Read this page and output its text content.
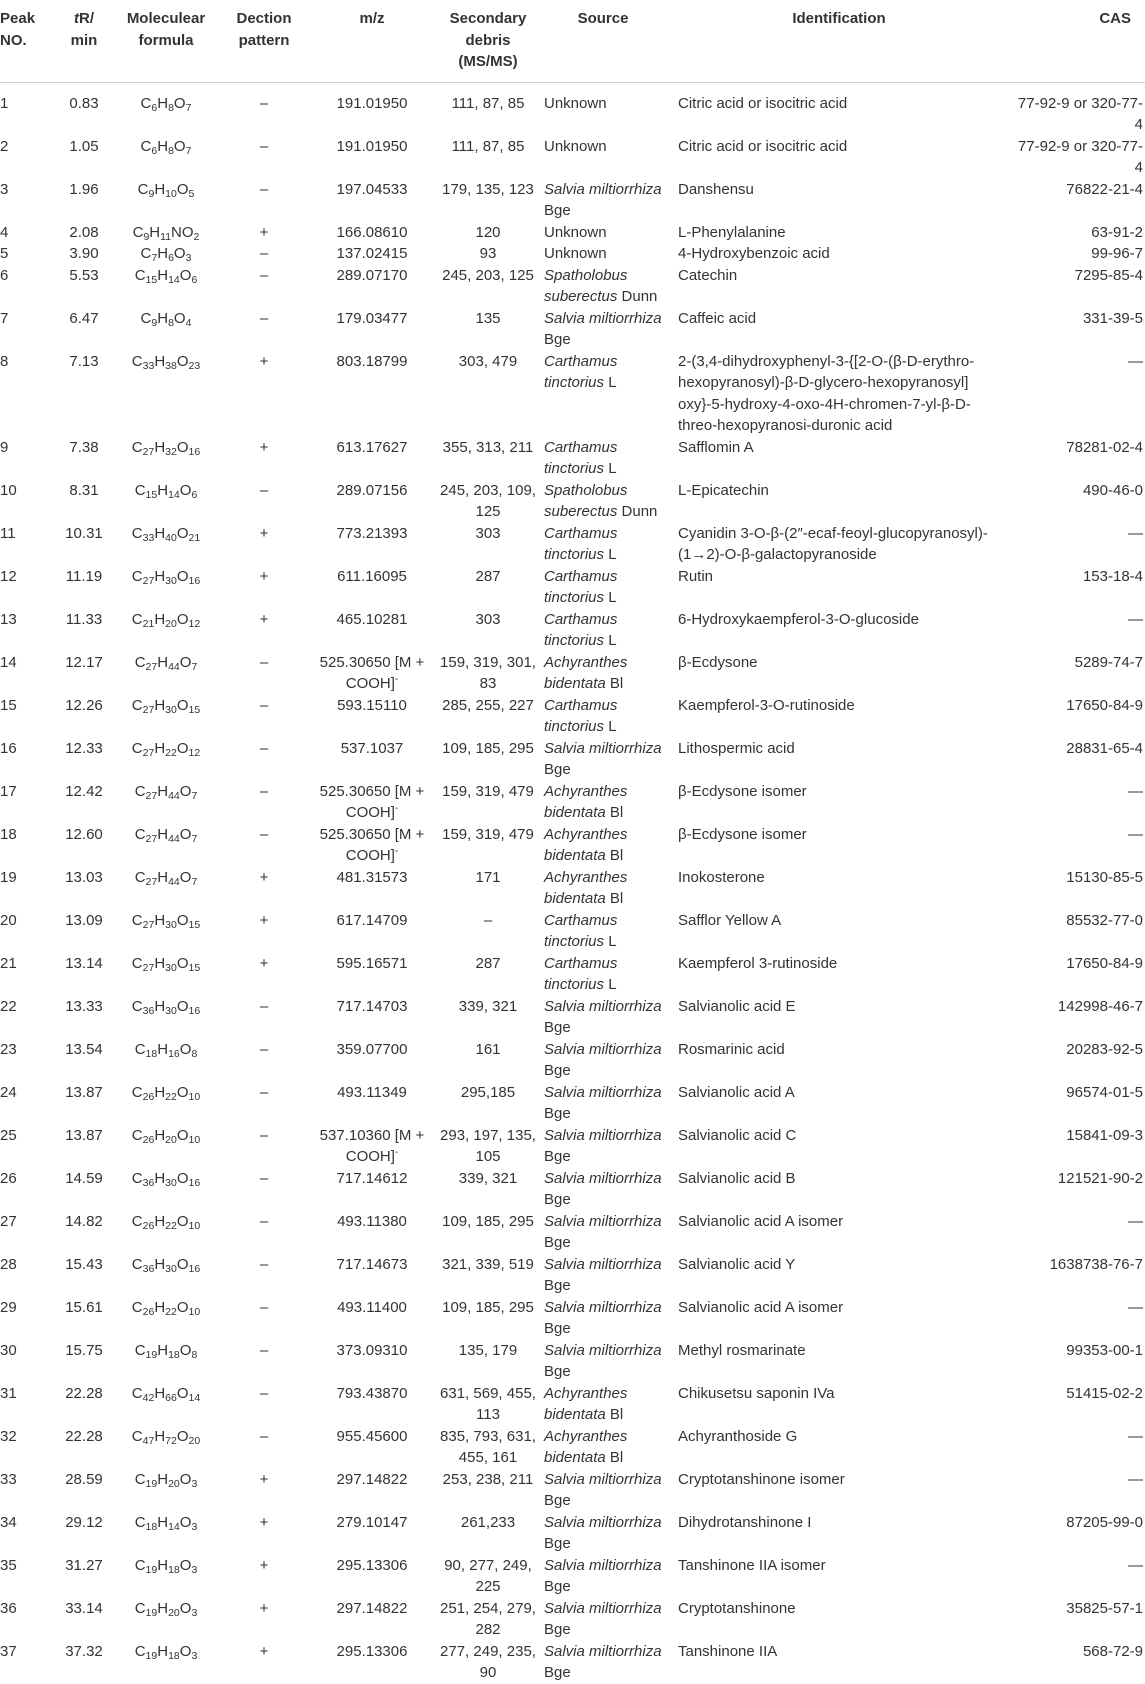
Peak NO.	tR/ min	Moleculear formula	Dection pattern	m/z	Secondary debris (MS/MS)	Source	Identification	CAS
1	0.83	$C_6H_8O_7$	–	191.01950	111, 87, 85	Unknown	Citric acid or isocitric acid	77-92-9 or 320-77-4
2	1.05	$C_6H_8O_7$	–	191.01950	111, 87, 85	Unknown	Citric acid or isocitric acid	77-92-9 or 320-77-4
3	1.96	$C_9H_{10}O_5$	–	197.04533	179, 135, 123	Salvia miltiorrhiza Bge	Danshensu	76822-21-4
4	2.08	$C_9H_{11}NO_2$	+	166.08610	120	Unknown	L-Phenylalanine	63-91-2
5	3.90	$C_7H_6O_3$	–	137.02415	93	Unknown	4-Hydroxybenzoic acid	99-96-7
6	5.53	$C_{15}H_{14}O_6$	–	289.07170	245, 203, 125	Spatholobus suberectus Dunn	Catechin	7295-85-4
7	6.47	$C_9H_8O_4$	–	179.03477	135	Salvia miltiorrhiza Bge	Caffeic acid	331-39-5
8	7.13	$C_{33}H_{38}O_{23}$	+	803.18799	303, 479	Carthamus tinctorius L	2-(3,4-dihydroxyphenyl-3-{[2-O-(β-D-erythro-hexopyranosyl)-β-D-glycero-hexopyranosyl] oxy}-5-hydroxy-4-oxo-4H-chromen-7-yl-β-D-threo-hexopyranosi-duronic acid	—
9	7.38	$C_{27}H_{32}O_{16}$	+	613.17627	355, 313, 211	Carthamus tinctorius L	Safflomin A	78281-02-4
10	8.31	$C_{15}H_{14}O_6$	–	289.07156	245, 203, 109, 125	Spatholobus suberectus Dunn	L-Epicatechin	490-46-0
11	10.31	$C_{33}H_{40}O_{21}$	+	773.21393	303	Carthamus tinctorius L	Cyanidin 3-O-β-(2″-ecaf-feoyl-glucopyranosyl)-(1→2)-O-β-galactopyranoside	—
12	11.19	$C_{27}H_{30}O_{16}$	+	611.16095	287	Carthamus tinctorius L	Rutin	153-18-4
13	11.33	$C_{21}H_{20}O_{12}$	+	465.10281	303	Carthamus tinctorius L	6-Hydroxykaempferol-3-O-glucoside	—
14	12.17	$C_{27}H_{44}O_7$	–	525.30650 [M + COOH]-	159, 319, 301, 83	Achyranthes bidentata Bl	β-Ecdysone	5289-74-7
15	12.26	$C_{27}H_{30}O_{15}$	–	593.15110	285, 255, 227	Carthamus tinctorius L	Kaempferol-3-O-rutinoside	17650-84-9
16	12.33	$C_{27}H_{22}O_{12}$	–	537.1037	109, 185, 295	Salvia miltiorrhiza Bge	Lithospermic acid	28831-65-4
17	12.42	$C_{27}H_{44}O_7$	–	525.30650 [M + COOH]-	159, 319, 479	Achyranthes bidentata Bl	β-Ecdysone isomer	—
18	12.60	$C_{27}H_{44}O_7$	–	525.30650 [M + COOH]-	159, 319, 479	Achyranthes bidentata Bl	β-Ecdysone isomer	—
19	13.03	$C_{27}H_{44}O_7$	+	481.31573	171	Achyranthes bidentata Bl	Inokosterone	15130-85-5
20	13.09	$C_{27}H_{30}O_{15}$	+	617.14709	–	Carthamus tinctorius L	Safflor Yellow A	85532-77-0
21	13.14	$C_{27}H_{30}O_{15}$	+	595.16571	287	Carthamus tinctorius L	Kaempferol 3-rutinoside	17650-84-9
22	13.33	$C_{36}H_{30}O_{16}$	–	717.14703	339, 321	Salvia miltiorrhiza Bge	Salvianolic acid E	142998-46-7
23	13.54	$C_{18}H_{16}O_8$	–	359.07700	161	Salvia miltiorrhiza Bge	Rosmarinic acid	20283-92-5
24	13.87	$C_{26}H_{22}O_{10}$	–	493.11349	295,185	Salvia miltiorrhiza Bge	Salvianolic acid A	96574-01-5
25	13.87	$C_{26}H_{20}O_{10}$	–	537.10360 [M + COOH]-	293, 197, 135, 105	Salvia miltiorrhiza Bge	Salvianolic acid C	15841-09-3
26	14.59	$C_{36}H_{30}O_{16}$	–	717.14612	339, 321	Salvia miltiorrhiza Bge	Salvianolic acid B	121521-90-2
27	14.82	$C_{26}H_{22}O_{10}$	–	493.11380	109, 185, 295	Salvia miltiorrhiza Bge	Salvianolic acid A isomer	—
28	15.43	$C_{36}H_{30}O_{16}$	–	717.14673	321, 339, 519	Salvia miltiorrhiza Bge	Salvianolic acid Y	1638738-76-7
29	15.61	$C_{26}H_{22}O_{10}$	–	493.11400	109, 185, 295	Salvia miltiorrhiza Bge	Salvianolic acid A isomer	—
30	15.75	$C_{19}H_{18}O_8$	–	373.09310	135, 179	Salvia miltiorrhiza Bge	Methyl rosmarinate	99353-00-1
31	22.28	$C_{42}H_{66}O_{14}$	–	793.43870	631, 569, 455, 113	Achyranthes bidentata Bl	Chikusetsu saponin IVa	51415-02-2
32	22.28	$C_{47}H_{72}O_{20}$	–	955.45600	835, 793, 631, 455, 161	Achyranthes bidentata Bl	Achyranthoside G	—
33	28.59	$C_{19}H_{20}O_3$	+	297.14822	253, 238, 211	Salvia miltiorrhiza Bge	Cryptotanshinone isomer	—
34	29.12	$C_{18}H_{14}O_3$	+	279.10147	261,233	Salvia miltiorrhiza Bge	Dihydrotanshinone I	87205-99-0
35	31.27	$C_{19}H_{18}O_3$	+	295.13306	90, 277, 249, 225	Salvia miltiorrhiza Bge	Tanshinone IIA isomer	—
36	33.14	$C_{19}H_{20}O_3$	+	297.14822	251, 254, 279, 282	Salvia miltiorrhiza Bge	Cryptotanshinone	35825-57-1
37	37.32	$C_{19}H_{18}O_3$	+	295.13306	277, 249, 235, 90	Salvia miltiorrhiza Bge	Tanshinone IIA	568-72-9
